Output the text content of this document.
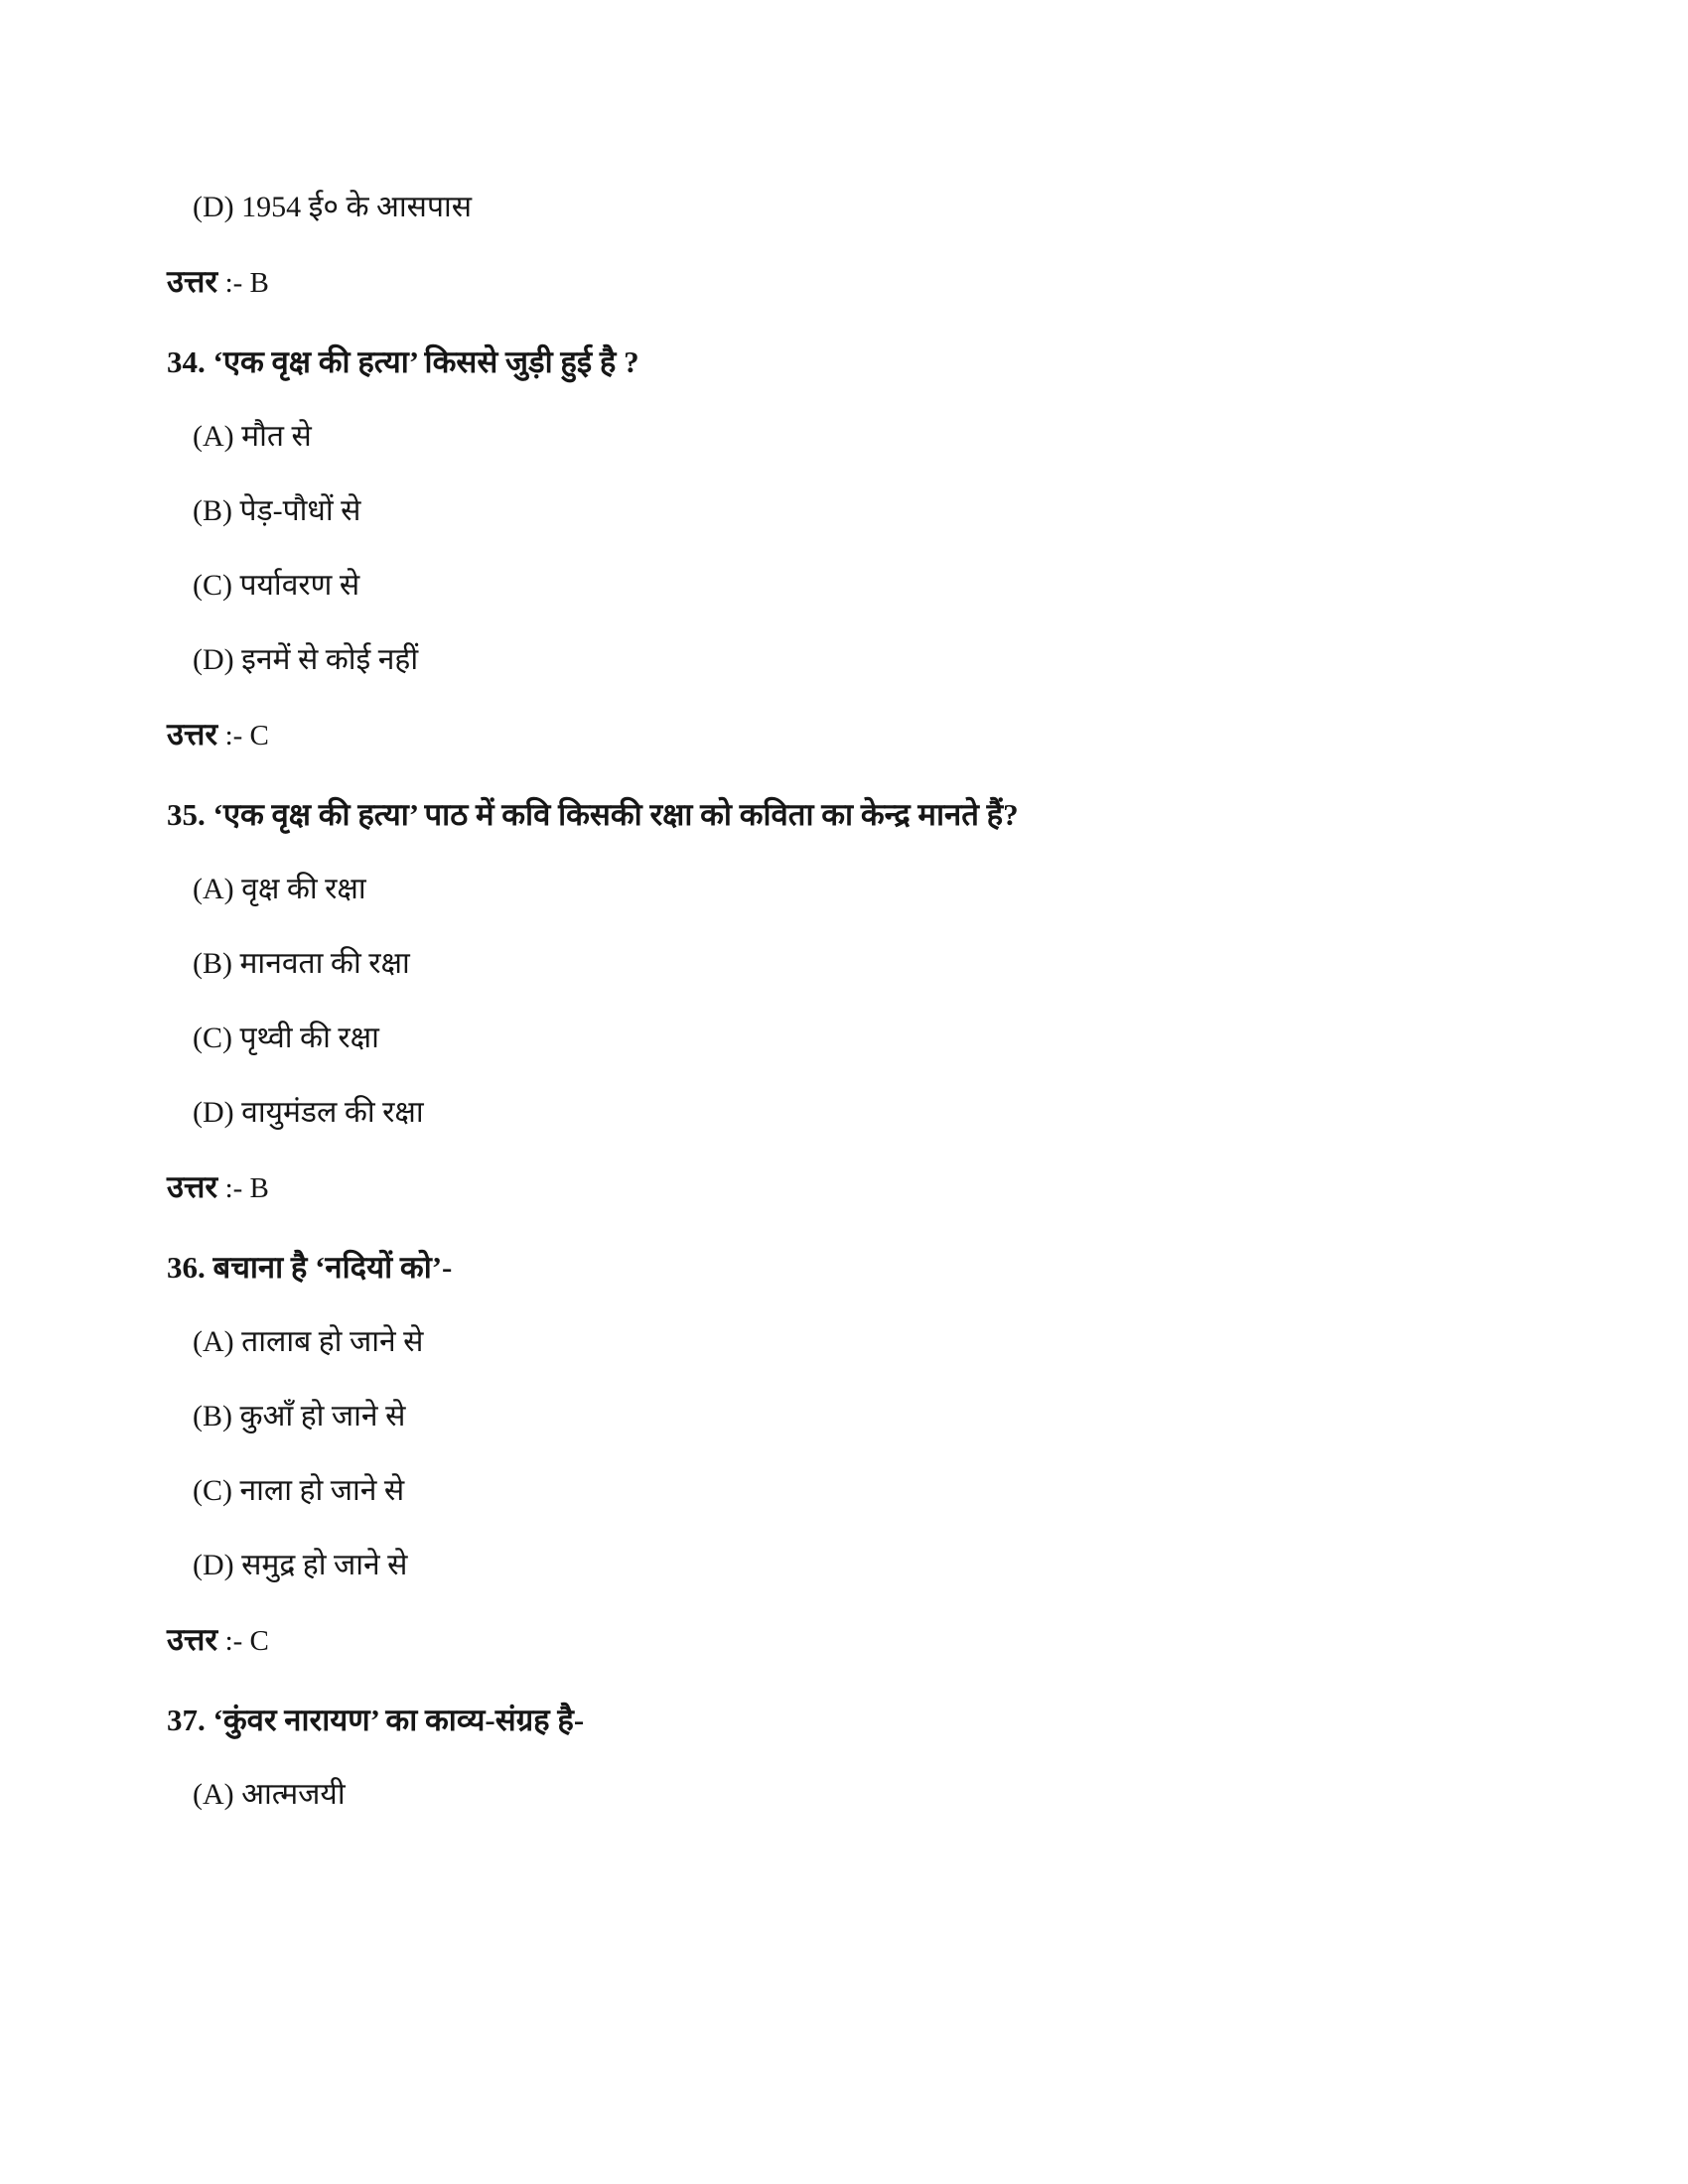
(D) 1954 ई० के आसपास
उत्तर :- B
34. ‘एक वृक्ष की हत्या’ किससे जुड़ी हुई है ?
(A) मौत से
(B) पेड़-पौधों से
(C) पर्यावरण से
(D) इनमें से कोई नहीं
उत्तर :- C
35. ‘एक वृक्ष की हत्या’ पाठ में कवि किसकी रक्षा को कविता का केन्द्र मानते हैं?
(A) वृक्ष की रक्षा
(B) मानवता की रक्षा
(C) पृथ्वी की रक्षा
(D) वायुमंडल की रक्षा
उत्तर :- B
36. बचाना है ‘नदियों को’-
(A) तालाब हो जाने से
(B) कुआँ हो जाने से
(C) नाला हो जाने से
(D) समुद्र हो जाने से
उत्तर :- C
37. ‘कुंवर नारायण’ का काव्य-संग्रह है-
(A) आत्मजयी
